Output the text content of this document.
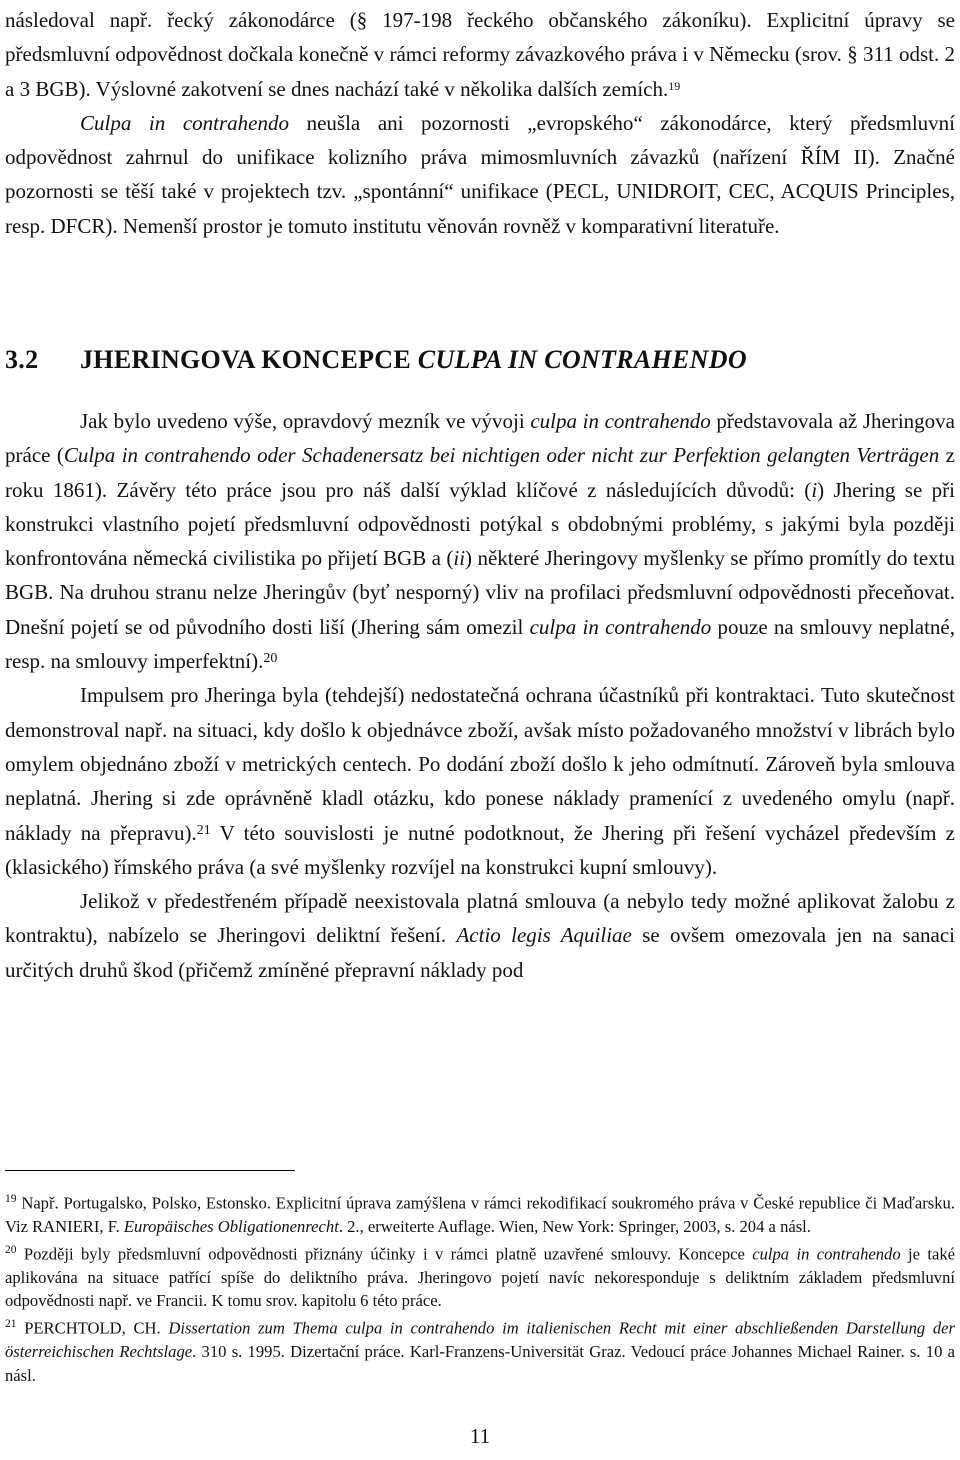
následoval např. řecký zákonodárce (§ 197-198 řeckého občanského zákoníku). Explicitní úpravy se předsmluvní odpovědnost dočkala konečně v rámci reformy závazkového práva i v Německu (srov. § 311 odst. 2 a 3 BGB). Výslovné zakotvení se dnes nachází také v několika dalších zemích.$^{19}$

Culpa in contrahendo neušla ani pozornosti „evropského“ zákonodárce, který předsmluvní odpovědnost zahrnul do unifikace kolizního práva mimosmluvních závazků (nařízení ŘÍM II). Značné pozornosti se těší také v projektech tzv. „spontánní“ unifikace (PECL, UNIDROIT, CEC, ACQUIS Principles, resp. DFCR). Nemenší prostor je tomuto institutu věnován rovněž v komparativní literatuře.

3.2 JHERINGOVA KONCEPCE CULPA IN CONTRAHENDO

Jak bylo uvedeno výše, opravdový mezník ve vývoji culpa in contrahendo představovala až Jheringova práce (Culpa in contrahendo oder Schadenersatz bei nichtigen oder nicht zur Perfektion gelangten Verträgen z roku 1861). Závěry této práce jsou pro náš další výklad klíčové z následujících důvodů: (i) Jhering se při konstrukci vlastního pojetí předsmluvní odpovědnosti potýkal s obdobnými problémy, s jakými byla později konfrontována německá civilistika po přijetí BGB a (ii) některé Jheringovy myšlenky se přímo promítly do textu BGB. Na druhou stranu nelze Jheringův (byť nesporný) vliv na profilaci předsmluvní odpovědnosti přeceňovat. Dnešní pojetí se od původního dosti liší (Jhering sám omezil culpa in contrahendo pouze na smlouvy neplatné, resp. na smlouvy imperfektní).$^{20}$

Impulsem pro Jheringa byla (tehdejší) nedostatečná ochrana účastníků při kontraktaci. Tuto skutečnost demonstroval např. na situaci, kdy došlo k objednávce zboží, avšak místo požadovaného množství v librách bylo omylem objednáno zboží v metrických centech. Po dodání zboží došlo k jeho odmítnutí. Zároveň byla smlouva neplatná. Jhering si zde oprávněně kladl otázku, kdo ponese náklady pramenící z uvedeného omylu (např. náklady na přepravu).$^{21}$ V této souvislosti je nutné podotknout, že Jhering při řešení vycházel především z (klasického) římského práva (a své myšlenky rozvíjel na konstrukci kupní smlouvy).

Jelikož v předestřeném případě neexistovala platná smlouva (a nebylo tedy možné aplikovat žalobu z kontraktu), nabízelo se Jheringovi deliktní řešení. Actio legis Aquiliae se ovšem omezovala jen na sanaci určitých druhů škod (přičemž zmíněné přepravní náklady pod

$^{19}$ Např. Portugalsko, Polsko, Estonsko. Explicitní úprava zamýšlena v rámci rekodifikací soukromého práva v České republice či Maďarsku. Viz RANIERI, F. Europäisches Obligationenrecht. 2., erweiterte Auflage. Wien, New York: Springer, 2003, s. 204 a násl.

$^{20}$ Později byly předsmluvní odpovědnosti přiznány účinky i v rámci platně uzavřené smlouvy. Koncepce culpa in contrahendo je také aplikována na situace patřící spíše do deliktního práva. Jheringovo pojetí navíc nekoresponduje s deliktním základem předsmluvní odpovědnosti např. ve Francii. K tomu srov. kapitolu 6 této práce.

$^{21}$ PERCHTOLD, CH. Dissertation zum Thema culpa in contrahendo im italienischen Recht mit einer abschließenden Darstellung der österreichischen Rechtslage. 310 s. 1995. Dizertační práce. Karl-Franzens-Universität Graz. Vedoucí práce Johannes Michael Rainer. s. 10 a násl.

11
